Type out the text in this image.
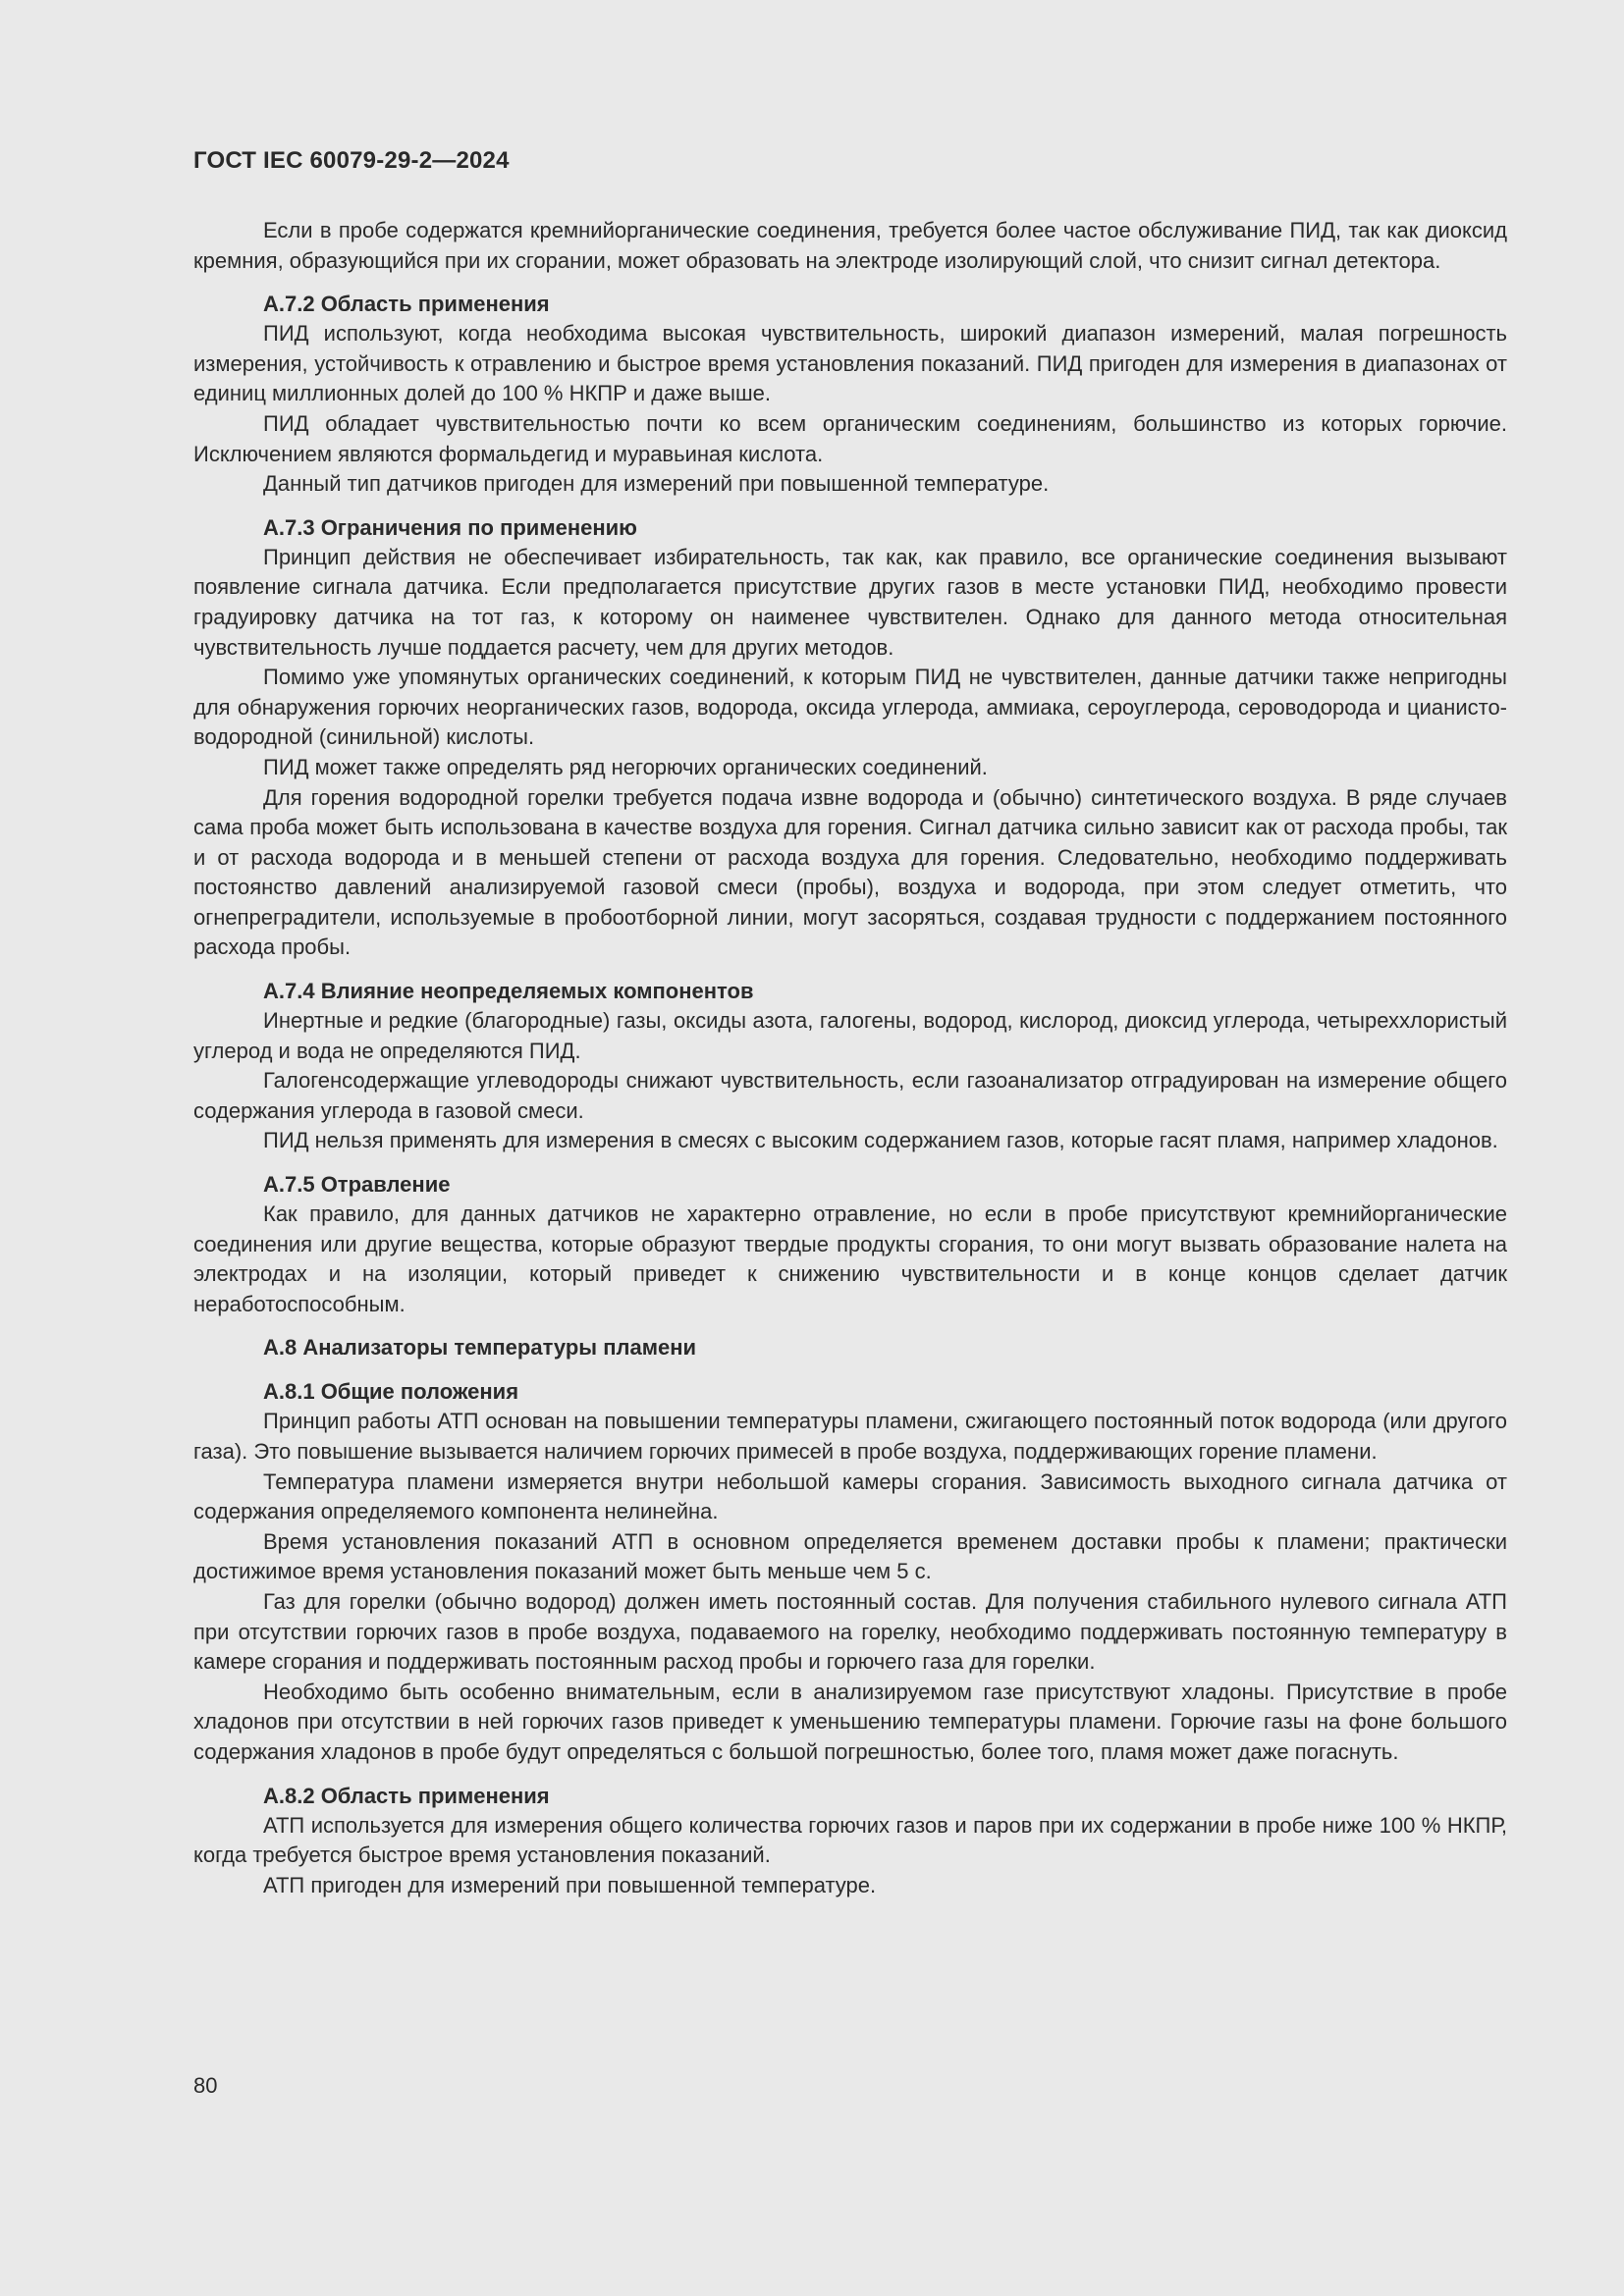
ГОСТ IEC 60079-29-2—2024

Если в пробе содержатся кремнийорганические соединения, требуется более частое обслуживание ПИД, так как диоксид кремния, образующийся при их сгорании, может образовать на электроде изолирующий слой, что снизит сигнал детектора.

А.7.2 Область применения

ПИД используют, когда необходима высокая чувствительность, широкий диапазон измерений, малая погрешность измерения, устойчивость к отравлению и быстрое время установления показаний. ПИД пригоден для измерения в диапазонах от единиц миллионных долей до 100 % НКПР и даже выше.

ПИД обладает чувствительностью почти ко всем органическим соединениям, большинство из которых горючие. Исключением являются формальдегид и муравьиная кислота.

Данный тип датчиков пригоден для измерений при повышенной температуре.

А.7.3 Ограничения по применению

Принцип действия не обеспечивает избирательность, так как, как правило, все органические соединения вызывают появление сигнала датчика. Если предполагается присутствие других газов в месте установки ПИД, необходимо провести градуировку датчика на тот газ, к которому он наименее чувствителен. Однако для данного метода относительная чувствительность лучше поддается расчету, чем для других методов.

Помимо уже упомянутых органических соединений, к которым ПИД не чувствителен, данные датчики также непригодны для обнаружения горючих неорганических газов, водорода, оксида углерода, аммиака, сероуглерода, сероводорода и цианисто-водородной (синильной) кислоты.

ПИД может также определять ряд негорючих органических соединений.

Для горения водородной горелки требуется подача извне водорода и (обычно) синтетического воздуха. В ряде случаев сама проба может быть использована в качестве воздуха для горения. Сигнал датчика сильно зависит как от расхода пробы, так и от расхода водорода и в меньшей степени от расхода воздуха для горения. Следовательно, необходимо поддерживать постоянство давлений анализируемой газовой смеси (пробы), воздуха и водорода, при этом следует отметить, что огнепреградители, используемые в пробоотборной линии, могут засоряться, создавая трудности с поддержанием постоянного расхода пробы.

А.7.4 Влияние неопределяемых компонентов

Инертные и редкие (благородные) газы, оксиды азота, галогены, водород, кислород, диоксид углерода, четыреххлористый углерод и вода не определяются ПИД.

Галогенсодержащие углеводороды снижают чувствительность, если газоанализатор отградуирован на измерение общего содержания углерода в газовой смеси.

ПИД нельзя применять для измерения в смесях с высоким содержанием газов, которые гасят пламя, например хладонов.

А.7.5 Отравление

Как правило, для данных датчиков не характерно отравление, но если в пробе присутствуют кремнийорганические соединения или другие вещества, которые образуют твердые продукты сгорания, то они могут вызвать образование налета на электродах и на изоляции, который приведет к снижению чувствительности и в конце концов сделает датчик неработоспособным.

А.8 Анализаторы температуры пламени
А.8.1 Общие положения

Принцип работы АТП основан на повышении температуры пламени, сжигающего постоянный поток водорода (или другого газа). Это повышение вызывается наличием горючих примесей в пробе воздуха, поддерживающих горение пламени.

Температура пламени измеряется внутри небольшой камеры сгорания. Зависимость выходного сигнала датчика от содержания определяемого компонента нелинейна.

Время установления показаний АТП в основном определяется временем доставки пробы к пламени; практически достижимое время установления показаний может быть меньше чем 5 с.

Газ для горелки (обычно водород) должен иметь постоянный состав. Для получения стабильного нулевого сигнала АТП при отсутствии горючих газов в пробе воздуха, подаваемого на горелку, необходимо поддерживать постоянную температуру в камере сгорания и поддерживать постоянным расход пробы и горючего газа для горелки.

Необходимо быть особенно внимательным, если в анализируемом газе присутствуют хладоны. Присутствие в пробе хладонов при отсутствии в ней горючих газов приведет к уменьшению температуры пламени. Горючие газы на фоне большого содержания хладонов в пробе будут определяться с большой погрешностью, более того, пламя может даже погаснуть.

А.8.2 Область применения

АТП используется для измерения общего количества горючих газов и паров при их содержании в пробе ниже 100 % НКПР, когда требуется быстрое время установления показаний.

АТП пригоден для измерений при повышенной температуре.

80
